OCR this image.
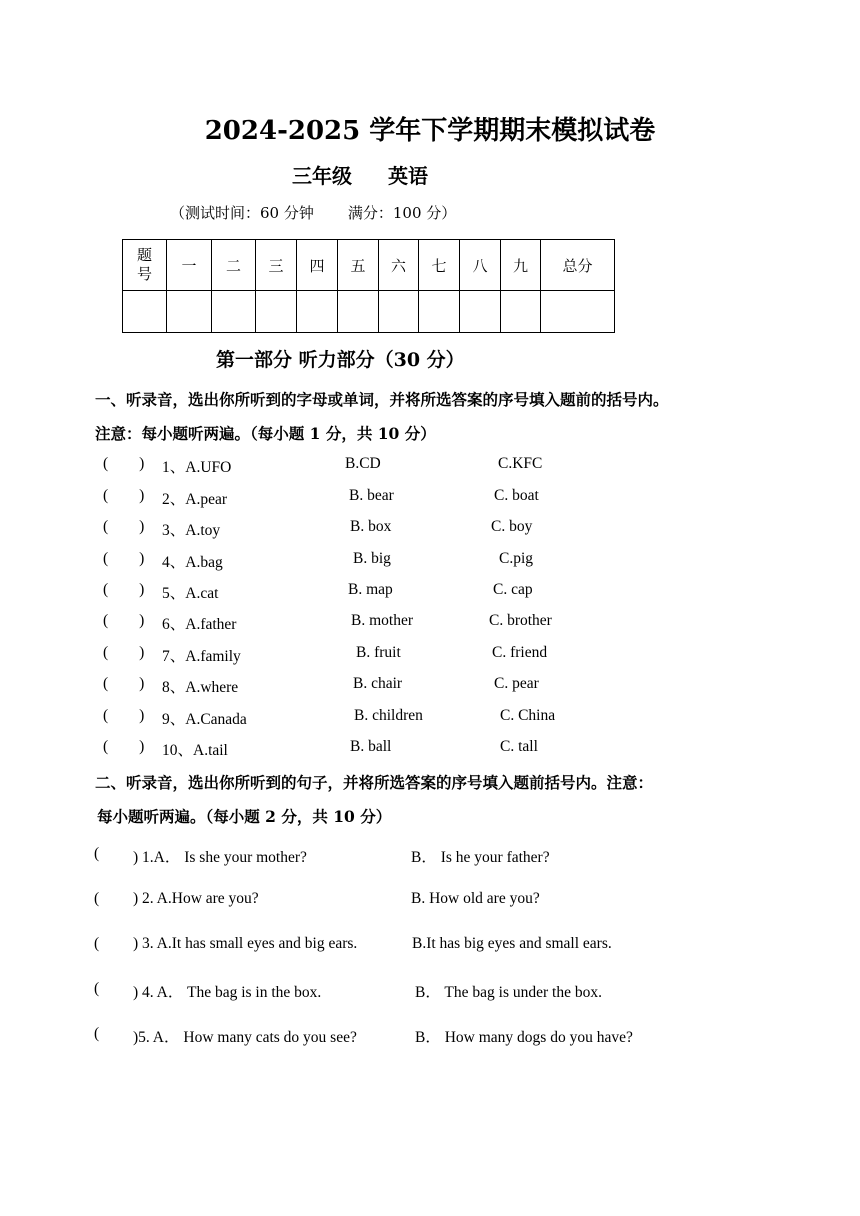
2024-2025 学年下学期期末模拟试卷
三年级 英语
（测试时间：60 分钟 满分：100 分）
题号	一	二	三	四	五	六	七	八	九	总分

第一部分 听力部分（30 分）
一、听录音，选出你所听到的字母或单词，并将所选答案的序号填入题前的括号内。
注意：每小题听两遍。（每小题 1 分，共 10 分）
(        ) 1、A.UFO	B.CD	C.KFC
(        ) 2、A.pear	B. bear	C. boat
(        ) 3、A.toy	B. box	C. boy
(        ) 4、A.bag	B. big	C.pig
(        ) 5、A.cat	B. map	C. cap
(        ) 6、A.father	B. mother	C. brother
(        ) 7、A.family	B. fruit	C. friend
(        ) 8、A.where	B. chair	C. pear
(        ) 9、A.Canada	B. children	C. China
(        ) 10、A.tail	B. ball	C. tall
二、听录音，选出你所听到的句子，并将所选答案的序号填入题前括号内。注意：
每小题听两遍。（每小题 2 分，共 10 分）
( ) 1.A． Is she your mother?	B． Is he your father?
( ) 2. A.How are you?	B. How old are you?
( ) 3. A.It has small eyes and big ears.	B.It has big eyes and small ears.
( ) 4. A． The bag is in the box.	B． The bag is under the box.
( )5. A． How many cats do you see?	B． How many dogs do you have?
